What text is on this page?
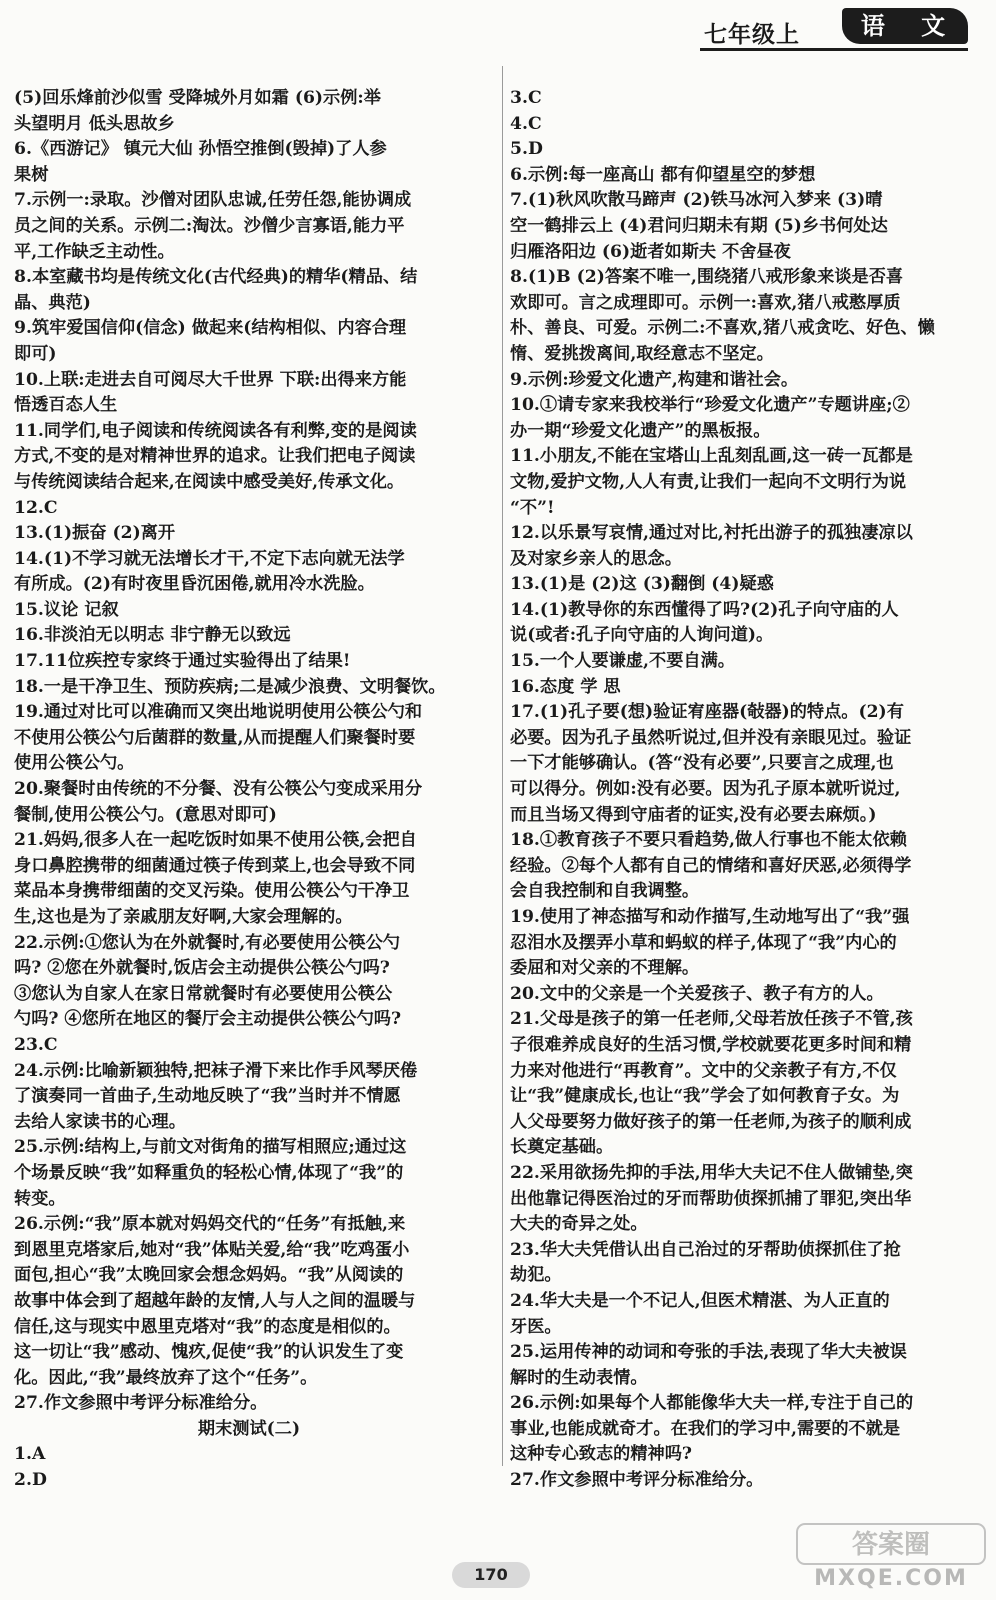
七年级上	语 文

(5)回乐烽前沙似雪 受降城外月如霜 (6)示例:举

头望明月 低头思故乡

6.《西游记》 镇元大仙 孙悟空推倒(毁掉)了人参

果树

7.示例一:录取。沙僧对团队忠诚,任劳任怨,能协调成

员之间的关系。示例二:淘汰。沙僧少言寡语,能力平

平,工作缺乏主动性。

8.本室藏书均是传统文化(古代经典)的精华(精品、结

晶、典范)

9.筑牢爱国信仰(信念) 做起来(结构相似、内容合理

即可)

10.上联:走进去自可阅尽大千世界 下联:出得来方能

悟透百态人生

11.同学们,电子阅读和传统阅读各有利弊,变的是阅读

方式,不变的是对精神世界的追求。让我们把电子阅读

与传统阅读结合起来,在阅读中感受美好,传承文化。

12.C

13.(1)振奋 (2)离开

14.(1)不学习就无法增长才干,不定下志向就无法学

有所成。(2)有时夜里昏沉困倦,就用冷水洗脸。

15.议论 记叙

16.非淡泊无以明志 非宁静无以致远

17.11位疾控专家终于通过实验得出了结果!

18.一是干净卫生、预防疾病;二是减少浪费、文明餐饮。

19.通过对比可以准确而又突出地说明使用公筷公勺和

不使用公筷公勺后菌群的数量,从而提醒人们聚餐时要

使用公筷公勺。

20.聚餐时由传统的不分餐、没有公筷公勺变成采用分

餐制,使用公筷公勺。(意思对即可)

21.妈妈,很多人在一起吃饭时如果不使用公筷,会把自

身口鼻腔携带的细菌通过筷子传到菜上,也会导致不同

菜品本身携带细菌的交叉污染。使用公筷公勺干净卫

生,这也是为了亲戚朋友好啊,大家会理解的。

22.示例:①您认为在外就餐时,有必要使用公筷公勺

吗? ②您在外就餐时,饭店会主动提供公筷公勺吗?

③您认为自家人在家日常就餐时有必要使用公筷公

勺吗? ④您所在地区的餐厅会主动提供公筷公勺吗?

23.C

24.示例:比喻新颖独特,把袜子滑下来比作手风琴厌倦

了演奏同一首曲子,生动地反映了“我”当时并不情愿

去给人家读书的心理。

25.示例:结构上,与前文对街角的描写相照应;通过这

个场景反映“我”如释重负的轻松心情,体现了“我”的

转变。

26.示例:“我”原本就对妈妈交代的“任务”有抵触,来

到恩里克塔家后,她对“我”体贴关爱,给“我”吃鸡蛋小

面包,担心“我”太晚回家会想念妈妈。“我”从阅读的

故事中体会到了超越年龄的友情,人与人之间的温暖与

信任,这与现实中恩里克塔对“我”的态度是相似的。

这一切让“我”感动、愧疚,促使“我”的认识发生了变

化。因此,“我”最终放弃了这个“任务”。

27.作文参照中考评分标准给分。

期末测试(二)

1.A

2.D

3.C

4.C

5.D

6.示例:每一座高山 都有仰望星空的梦想

7.(1)秋风吹散马蹄声 (2)铁马冰河入梦来 (3)晴

空一鹤排云上 (4)君问归期未有期 (5)乡书何处达

归雁洛阳边 (6)逝者如斯夫 不舍昼夜

8.(1)B (2)答案不唯一,围绕猪八戒形象来谈是否喜

欢即可。言之成理即可。示例一:喜欢,猪八戒憨厚质

朴、善良、可爱。示例二:不喜欢,猪八戒贪吃、好色、懒

惰、爱挑拨离间,取经意志不坚定。

9.示例:珍爱文化遗产,构建和谐社会。

10.①请专家来我校举行“珍爱文化遗产”专题讲座;②

办一期“珍爱文化遗产”的黑板报。

11.小朋友,不能在宝塔山上乱刻乱画,这一砖一瓦都是

文物,爱护文物,人人有责,让我们一起向不文明行为说

“不”!

12.以乐景写哀情,通过对比,衬托出游子的孤独凄凉以

及对家乡亲人的思念。

13.(1)是 (2)这 (3)翻倒 (4)疑惑

14.(1)教导你的东西懂得了吗?(2)孔子向守庙的人

说(或者:孔子向守庙的人询问道)。

15.一个人要谦虚,不要自满。

16.态度 学 思

17.(1)孔子要(想)验证宥座器(敧器)的特点。(2)有

必要。因为孔子虽然听说过,但并没有亲眼见过。验证

一下才能够确认。(答“没有必要”,只要言之成理,也

可以得分。例如:没有必要。因为孔子原本就听说过,

而且当场又得到守庙者的证实,没有必要去麻烦。)

18.①教育孩子不要只看趋势,做人行事也不能太依赖

经验。②每个人都有自己的情绪和喜好厌恶,必须得学

会自我控制和自我调整。

19.使用了神态描写和动作描写,生动地写出了“我”强

忍泪水及摆弄小草和蚂蚁的样子,体现了“我”内心的

委屈和对父亲的不理解。

20.文中的父亲是一个关爱孩子、教子有方的人。

21.父母是孩子的第一任老师,父母若放任孩子不管,孩

子很难养成良好的生活习惯,学校就要花更多时间和精

力来对他进行“再教育”。文中的父亲教子有方,不仅

让“我”健康成长,也让“我”学会了如何教育子女。为

人父母要努力做好孩子的第一任老师,为孩子的顺利成

长奠定基础。

22.采用欲扬先抑的手法,用华大夫记不住人做铺垫,突

出他靠记得医治过的牙而帮助侦探抓捕了罪犯,突出华

大夫的奇异之处。

23.华大夫凭借认出自己治过的牙帮助侦探抓住了抢

劫犯。

24.华大夫是一个不记人,但医术精湛、为人正直的

牙医。

25.运用传神的动词和夸张的手法,表现了华大夫被误

解时的生动表情。

26.示例:如果每个人都能像华大夫一样,专注于自己的

事业,也能成就奇才。在我们的学习中,需要的不就是

这种专心致志的精神吗?

27.作文参照中考评分标准给分。

170
答案圈
MXQE.COM
